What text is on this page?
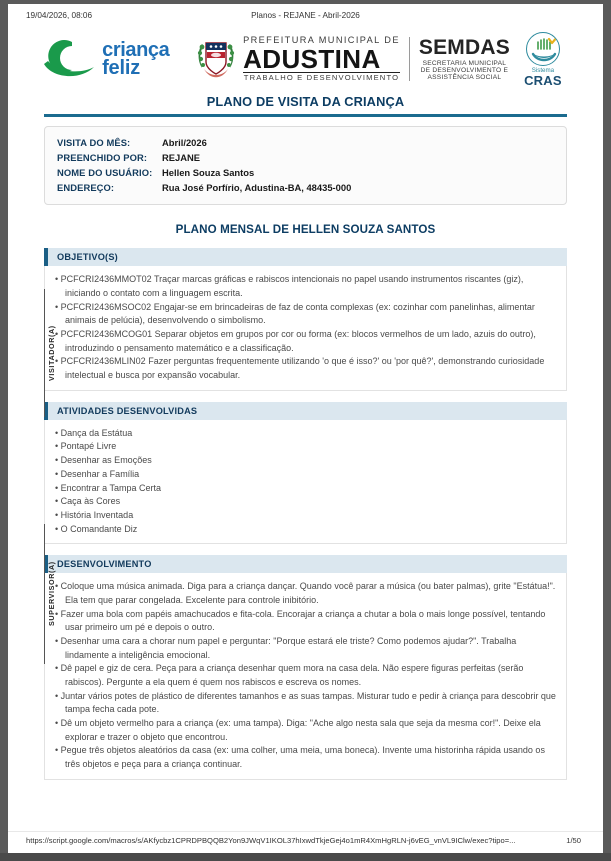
19/04/2026, 08:06	Planos - REJANE - Abril-2026
criança
feliz
PREFEITURA MUNICIPAL DE
ADUSTINA
TRABALHO E DESENVOLVIMENTO
SEMDAS
SECRETARIA MUNICIPAL
DE DESENVOLVIMENTO E
ASSISTÊNCIA SOCIAL
Sistema
CRAS
PLANO DE VISITA DA CRIANÇA
VISITA DO MÊS:	Abril/2026
PREENCHIDO POR:	REJANE
NOME DO USUÁRIO:	Hellen Souza Santos
ENDEREÇO:	Rua José Porfírio, Adustina-BA, 48435-000
VISITADOR(A)
SUPERVISOR(A)
PLANO MENSAL DE HELLEN SOUZA SANTOS
OBJETIVO(S)
• PCFCRI2436MMOT02 Traçar marcas gráficas e rabiscos intencionais no papel usando instrumentos riscantes (giz), iniciando o contato com a linguagem escrita.
• PCFCRI2436MSOC02 Engajar-se em brincadeiras de faz de conta complexas (ex: cozinhar com panelinhas, alimentar animais de pelúcia), desenvolvendo o simbolismo.
• PCFCRI2436MCOG01 Separar objetos em grupos por cor ou forma (ex: blocos vermelhos de um lado, azuis do outro), introduzindo o pensamento matemático e a classificação.
• PCFCRI2436MLIN02 Fazer perguntas frequentemente utilizando 'o que é isso?' ou 'por quê?', demonstrando curiosidade intelectual e busca por expansão vocabular.
ATIVIDADES DESENVOLVIDAS
• Dança da Estátua
• Pontapé Livre
• Desenhar as Emoções
• Desenhar a Família
• Encontrar a Tampa Certa
• Caça às Cores
• História Inventada
• O Comandante Diz
DESENVOLVIMENTO
• Coloque uma música animada. Diga para a criança dançar. Quando você parar a música (ou bater palmas), grite "Estátua!". Ela tem que parar congelada. Excelente para controle inibitório.
• Fazer uma bola com papéis amachucados e fita-cola. Encorajar a criança a chutar a bola o mais longe possível, tentando usar primeiro um pé e depois o outro.
• Desenhar uma cara a chorar num papel e perguntar: "Porque estará ele triste? Como podemos ajudar?". Trabalha lindamente a inteligência emocional.
• Dê papel e giz de cera. Peça para a criança desenhar quem mora na casa dela. Não espere figuras perfeitas (serão rabiscos). Pergunte a ela quem é quem nos rabiscos e escreva os nomes.
• Juntar vários potes de plástico de diferentes tamanhos e as suas tampas. Misturar tudo e pedir à criança para descobrir que tampa fecha cada pote.
• Dê um objeto vermelho para a criança (ex: uma tampa). Diga: "Ache algo nesta sala que seja da mesma cor!". Deixe ela explorar e trazer o objeto que encontrou.
• Pegue três objetos aleatórios da casa (ex: uma colher, uma meia, uma boneca). Invente uma historinha rápida usando os três objetos e peça para a criança continuar.
https://script.google.com/macros/s/AKfycbz1CPRDPBQQB2Yon9JWqV1IKOL37hIxwdTkjeGej4o1mR4XmHgRLN-j6vEG_vnVL9IClw/exec?tipo=...	1/50
